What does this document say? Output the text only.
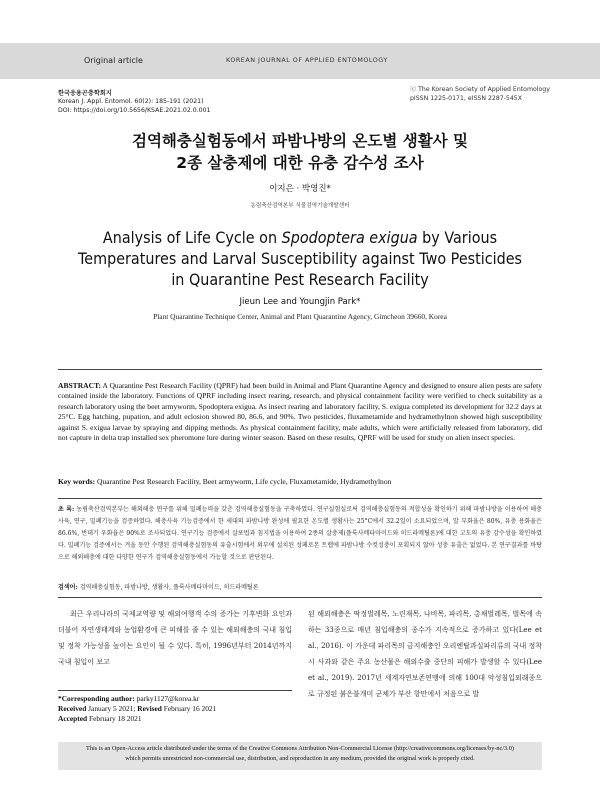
Original article	KOREAN JOURNAL OF APPLIED ENTOMOLOGY
한국응용곤충학회지
Korean J. Appl. Entomol. 60(2): 185-191 (2021)
DOI: https://doi.org/10.5656/KSAE.2021.02.0.001
ⓒ The Korean Society of Applied Entomology
pISSN 1225-0171, eISSN 2287-545X
검역해충실험동에서 파밤나방의 온도별 생활사 및
2종 살충제에 대한 유충 감수성 조사
이지은 · 박영진*
농림축산검역본부 식물검역기술개발센터
Analysis of Life Cycle on Spodoptera exigua by Various Temperatures and Larval Susceptibility against Two Pesticides in Quarantine Pest Research Facility
Jieun Lee and Youngjin Park*
Plant Quarantine Technique Center, Animal and Plant Quarantine Agency, Gimcheon 39660, Korea
ABSTRACT: A Quarantine Pest Research Facility (QPRF) had been build in Animal and Plant Quarantine Agency and designed to ensure alien pests are safety contained inside the laboratory. Functions of QPRF including insect rearing, research, and physical containment facility were verified to check suitability as a research laboratory using the beet armyworm, Spodoptera exigua. As insect rearing and laboratory facility, S. exigua completed its development for 32.2 days at 25°C. Egg hatching, pupation, and adult eclosion showed 80, 86.6, and 90%. Two pesticides, fluxametamide and hydramethylnon showed high susceptibility against S. exigua larvae by spraying and dipping methods. As physical containment facility, male adults, which were artificially released from laboratory, did not capture in delta trap installed sex pheromone lure during winter season. Based on these results, QPRF will be used for study on alien insect species.
Key words: Quarantine Pest Research Facility, Beet armyworm, Life cycle, Fluxametamide, Hydramethylnon
초 록: 농림축산검역본부는 해외해충 연구를 위해 밀폐능력을 갖춘 검역해충실험동을 구축하였다. 연구실험실로써 검역해충실험동의 적합성을 확인하기 위해 파밤나방을 이용하여 해충사육, 연구, 밀폐기능을 검증하였다. 해충사육 기능검증에서 한 세대의 파밤나방 완성에 필요한 온도별 생활사는 25°C에서 32.2일이 소요되었으며, 알 부화율은 80%, 유충 용화율은 86.6%, 번데기 우화율은 90%로 조사되었다. 연구기능 검증에서 살포법과 침지법을 이용하여 2종의 살충제(플룩사메타마이드와 히드라메틸론)에 대한 고도의 유충 감수성을 확인하였다. 밀폐기능 검증에서는 겨울 동안 수행된 검역해충실험동의 유출시험에서 외부에 설치된 성페로몬 트랩에 파밤나방 수컷성충이 포획되지 않아 성충 유출은 없었다. 본 연구결과를 바탕으로 해외해충에 대한 다양한 연구가 검역해충실험동에서 가능할 것으로 판단된다.
검색어: 검역해충실험동, 파밤나방, 생활사, 플룩사메타마이드, 히드라메틸론
최근 우리나라의 국제교역량 및 해외여행객 수의 증가는 기후변화 요인과 더불어 자연생태계와 농업환경에 큰 피해를 줄 수 있는 해외해충의 국내 침입 및 정착 가능성을 높이는 요인이 될 수 있다. 특히, 1996년부터 2014년까지 국내 침입이 보고
된 해외해충은 딱정벌레목, 노린재목, 나비목, 파리목, 총채벌레목, 벌목에 속하는 33종으로 매년 침입해충의 종수가 지속적으로 증가하고 있다(Lee et al., 2016). 이 가운데 파리목의 금지해충인 오리엔탈과실파리류의 국내 정착 시 사과와 같은 주요 농산물은 해외수출 중단의 피해가 발생할 수 있다(Lee et al., 2019). 2017년 세계자연보존연맹에 의해 100대 악성침입외래종으로 규정된 붉은불개미 군체가 부산 항만에서 처음으로 발
*Corresponding author: parky1127@korea.kr
Received January 5 2021; Revised February 16 2021
Accepted February 18 2021
This is an Open-Access article distributed under the terms of the Creative Commons Attribution Non-Commercial License (http://creativecommons.org/licenses/by-nc/3.0)
which permits unrestricted non-commercial use, distribution, and reproduction in any medium, provided the original work is properly cited.
